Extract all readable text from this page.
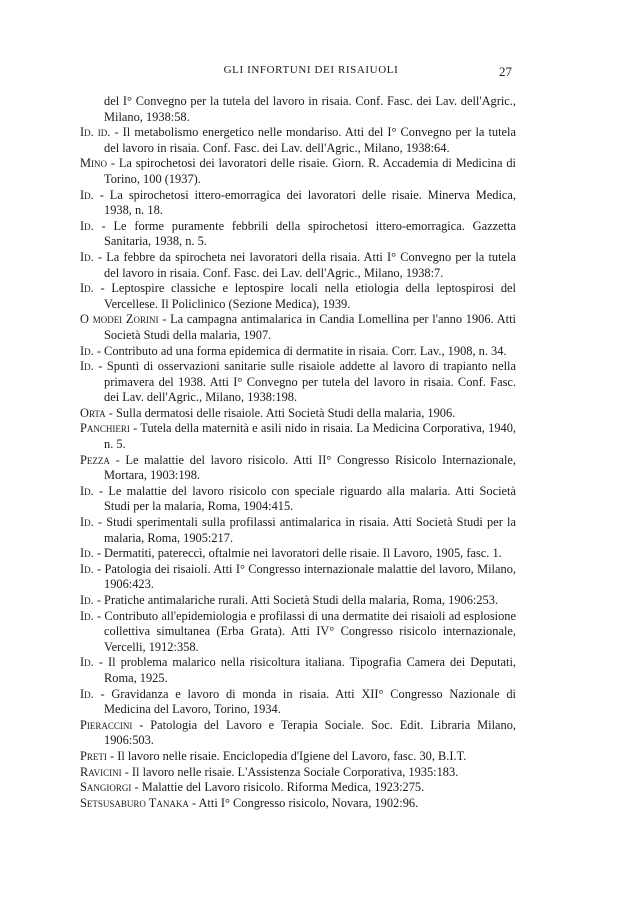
GLI INFORTUNI DEI RISAIUOLI	27

del I° Convegno per la tutela del lavoro in risaia. Conf. Fasc. dei Lav. dell'Agric., Milano, 1938:58.

Id. id. - Il metabolismo energetico nelle mondariso. Atti del I° Convegno per la tutela del lavoro in risaia. Conf. Fasc. dei Lav. dell'Agric., Milano, 1938:64.

Mino - La spirochetosi dei lavoratori delle risaie. Giorn. R. Accademia di Medicina di Torino, 100 (1937).

Id. - La spirochetosi ittero-emorragica dei lavoratori delle risaie. Minerva Medica, 1938, n. 18.

Id. - Le forme puramente febbrili della spirochetosi ittero-emorragica. Gazzetta Sanitaria, 1938, n. 5.

Id. - La febbre da spirocheta nei lavoratori della risaia. Atti I° Convegno per la tutela del lavoro in risaia. Conf. Fasc. dei Lav. dell'Agric., Milano, 1938:7.

Id. - Leptospire classiche e leptospire locali nella etiologia della leptospirosi del Vercellese. Il Policlinico (Sezione Medica), 1939.

O modei Zorini - La campagna antimalarica in Candia Lomellina per l'anno 1906. Atti Società Studi della malaria, 1907.

Id. - Contributo ad una forma epidemica di dermatite in risaia. Corr. Lav., 1908, n. 34.

Id. - Spunti di osservazioni sanitarie sulle risaiole addette al lavoro di trapianto nella primavera del 1938. Atti I° Convegno per tutela del lavoro in risaia. Conf. Fasc. dei Lav. dell'Agric., Milano, 1938:198.

Orta - Sulla dermatosi delle risaiole. Atti Società Studi della malaria, 1906.

Panchieri - Tutela della maternità e asili nido in risaia. La Medicina Corporativa, 1940, n. 5.

Pezza - Le malattie del lavoro risicolo. Atti II° Congresso Risicolo Internazionale, Mortara, 1903:198.

Id. - Le malattie del lavoro risicolo con speciale riguardo alla malaria. Atti Società Studi per la malaria, Roma, 1904:415.

Id. - Studi sperimentali sulla profilassi antimalarica in risaia. Atti Società Studi per la malaria, Roma, 1905:217.

Id. - Dermatiti, patereccì, oftalmie nei lavoratori delle risaie. Il Lavoro, 1905, fasc. 1.

Id. - Patologia dei risaioli. Atti I° Congresso internazionale malattie del lavoro, Milano, 1906:423.

Id. - Pratiche antimalariche rurali. Atti Società Studi della malaria, Roma, 1906:253.

Id. - Contributo all'epidemiologia e profilassi di una dermatite dei risaioli ad esplosione collettiva simultanea (Erba Grata). Atti IV° Congresso risicolo internazionale, Vercelli, 1912:358.

Id. - Il problema malarico nella risicoltura italiana. Tipografia Camera dei Deputati, Roma, 1925.

Id. - Gravidanza e lavoro di monda in risaia. Atti XII° Congresso Nazionale di Medicina del Lavoro, Torino, 1934.

Pieraccini - Patologia del Lavoro e Terapia Sociale. Soc. Edit. Libraria Milano, 1906:503.

Preti - Il lavoro nelle risaie. Enciclopedia d'Igiene del Lavoro, fasc. 30, B.I.T.

Ravicini - Il lavoro nelle risaie. L'Assistenza Sociale Corporativa, 1935:183.

Sangiorgi - Malattie del Lavoro risicolo. Riforma Medica, 1923:275.

Setsusaburo Tanaka - Atti I° Congresso risicolo, Novara, 1902:96.
